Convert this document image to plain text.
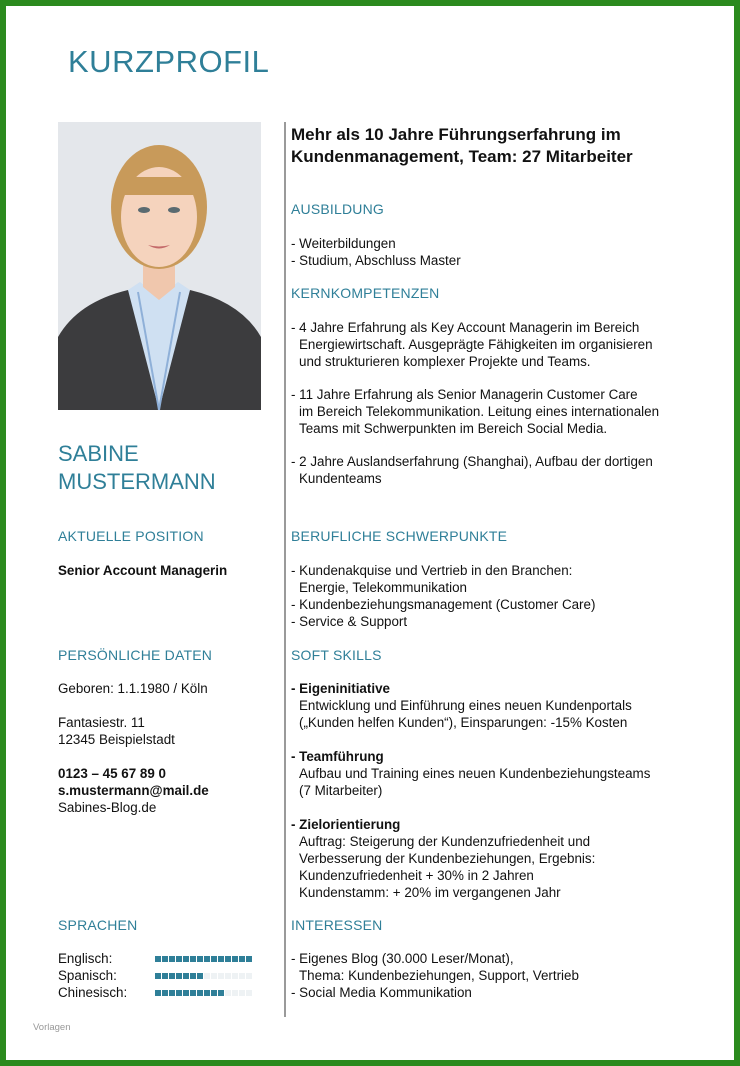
KURZPROFIL
SABINE
MUSTERMANN
AKTUELLE POSITION
Senior Account Managerin
PERSÖNLICHE DATEN
Geboren: 1.1.1980 / Köln
Fantasiestr. 11
12345 Beispielstadt
0123 – 45 67 89 0
s.mustermann@mail.de
Sabines-Blog.de
SPRACHEN
Englisch:
Spanisch:
Chinesisch:
Mehr als 10 Jahre Führungserfahrung im Kundenmanagement, Team: 27 Mitarbeiter
AUSBILDUNG
- Weiterbildungen
- Studium, Abschluss Master
KERNKOMPETENZEN
- 4 Jahre Erfahrung als Key Account Managerin im Bereich
Energiewirtschaft. Ausgeprägte Fähigkeiten im organisieren
und strukturieren komplexer Projekte und Teams.
- 11 Jahre Erfahrung als Senior Managerin Customer Care
im Bereich Telekommunikation. Leitung eines internationalen
Teams mit Schwerpunkten im Bereich Social Media.
- 2 Jahre Auslandserfahrung (Shanghai), Aufbau der dortigen
Kundenteams
BERUFLICHE SCHWERPUNKTE
- Kundenakquise und Vertrieb in den Branchen:
Energie, Telekommunikation
- Kundenbeziehungsmanagement (Customer Care)
- Service & Support
SOFT SKILLS
- Eigeninitiative
Entwicklung und Einführung eines neuen Kundenportals
(„Kunden helfen Kunden“), Einsparungen: -15% Kosten
- Teamführung
Aufbau und Training eines neuen Kundenbeziehungsteams
(7 Mitarbeiter)
- Zielorientierung
Auftrag: Steigerung der Kundenzufriedenheit und
Verbesserung der Kundenbeziehungen, Ergebnis:
Kundenzufriedenheit + 30% in 2 Jahren
Kundenstamm: + 20% im vergangenen Jahr
INTERESSEN
- Eigenes Blog (30.000 Leser/Monat),
Thema: Kundenbeziehungen, Support, Vertrieb
- Social Media Kommunikation
Vorlagen
